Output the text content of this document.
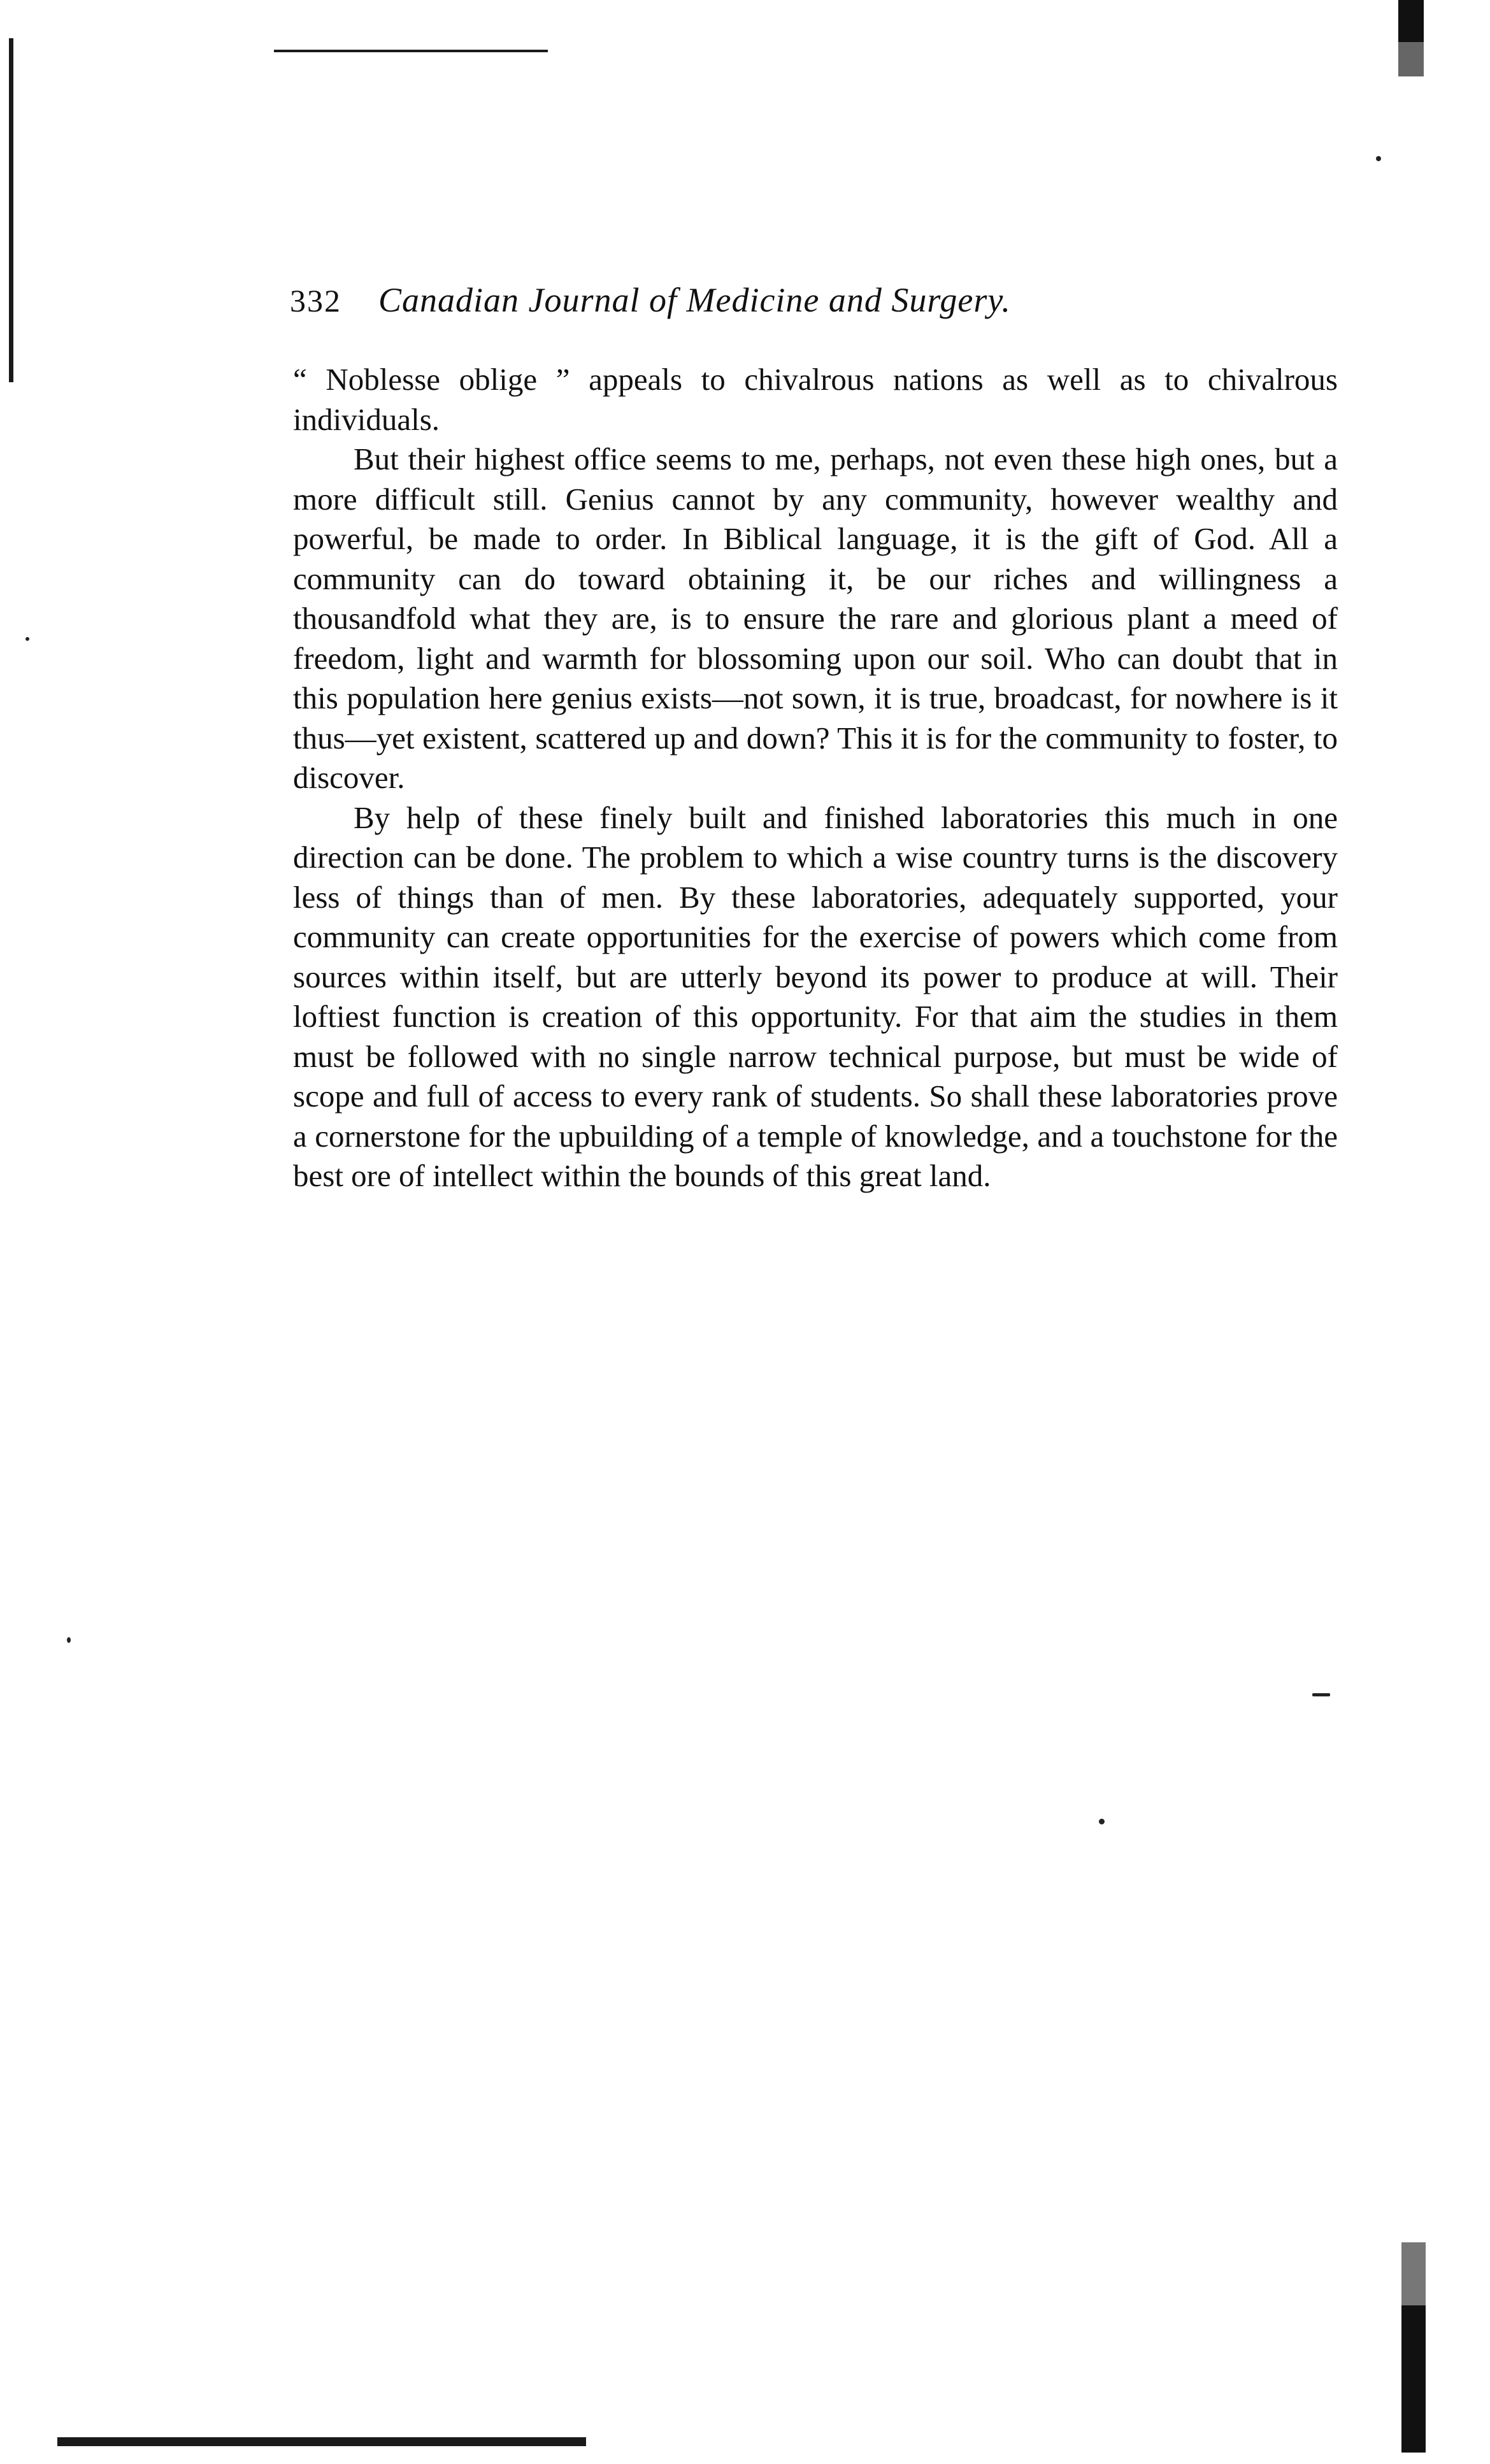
332 Canadian Journal of Medicine and Surgery.

“ Noblesse oblige ” appeals to chivalrous nations as well as to chivalrous individuals.

But their highest office seems to me, perhaps, not even these high ones, but a more difficult still. Genius cannot by any community, however wealthy and powerful, be made to order. In Biblical language, it is the gift of God. All a community can do toward obtaining it, be our riches and willingness a thousandfold what they are, is to ensure the rare and glorious plant a meed of freedom, light and warmth for blossoming upon our soil. Who can doubt that in this population here genius exists—not sown, it is true, broadcast, for nowhere is it thus—yet existent, scattered up and down? This it is for the community to foster, to discover.

By help of these finely built and finished laboratories this much in one direction can be done. The problem to which a wise country turns is the discovery less of things than of men. By these laboratories, adequately supported, your community can create opportunities for the exercise of powers which come from sources within itself, but are utterly beyond its power to produce at will. Their loftiest function is creation of this opportunity. For that aim the studies in them must be followed with no single narrow technical purpose, but must be wide of scope and full of access to every rank of students. So shall these laboratories prove a cornerstone for the upbuilding of a temple of knowledge, and a touchstone for the best ore of intellect within the bounds of this great land.
